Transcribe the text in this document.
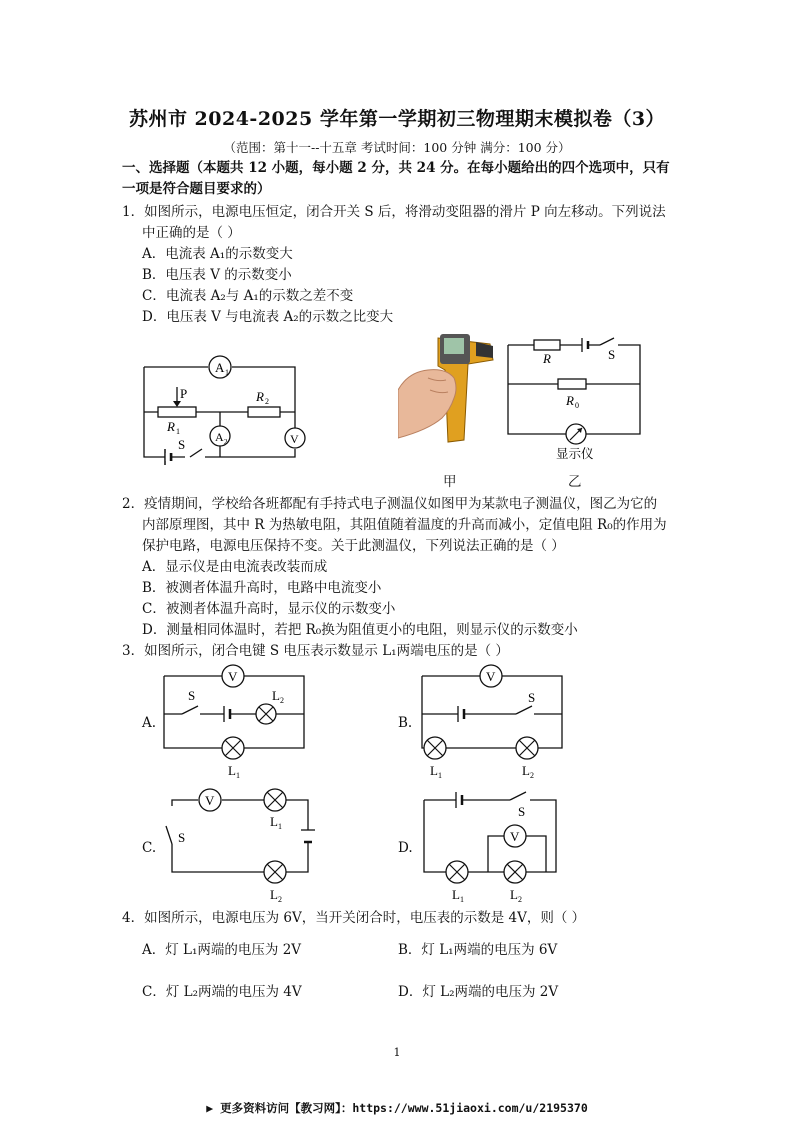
苏州市 2024-2025 学年第一学期初三物理期末模拟卷（3）
（范围：第十一--十五章 考试时间：100 分钟 满分：100 分）
一、选择题（本题共 12 小题，每小题 2 分，共 24 分。在每小题给出的四个选项中，只有
一项是符合题目要求的）
1．如图所示，电源电压恒定，闭合开关 S 后，将滑动变阻器的滑片 P 向左移动。下列说法
中正确的是（ ）
A．电流表 A₁的示数变大
B．电压表 V 的示数变小
C．电流表 A₂与 A₁的示数之差不变
D．电压表 V 与电流表 A₂的示数之比变大
A 1
P
R 1
R 2
A 2	V
S
甲
R	S
R 0
显示仪
乙
2．疫情期间，学校给各班都配有手持式电子测温仪如图甲为某款电子测温仪，图乙为它的
内部原理图，其中 R 为热敏电阻，其阻值随着温度的升高而减小，定值电阻 R₀的作用为
保护电路，电源电压保持不变。关于此测温仪，下列说法正确的是（ ）
A．显示仪是由电流表改装而成
B．被测者体温升高时，电路中电流变小
C．被测者体温升高时，显示仪的示数变小
D．测量相同体温时，若把 R₀换为阻值更小的电阻，则显示仪的示数变小
3．如图所示，闭合电键 S 电压表示数显示 L₁两端电压的是（ ）
A.	B.
C.	D.
V
S	L 2
L 1
V
S
L 1	L 2
V
S
L 1
L 2
S
V
L 1	L 2
4．如图所示，电源电压为 6V，当开关闭合时，电压表的示数是 4V，则（ ）
A．灯 L₁两端的电压为 2V	B．灯 L₁两端的电压为 6V
C．灯 L₂两端的电压为 4V	D．灯 L₂两端的电压为 2V
1
▶ 更多资料访问【教习网】：https://www.51jiaoxi.com/u/2195370
